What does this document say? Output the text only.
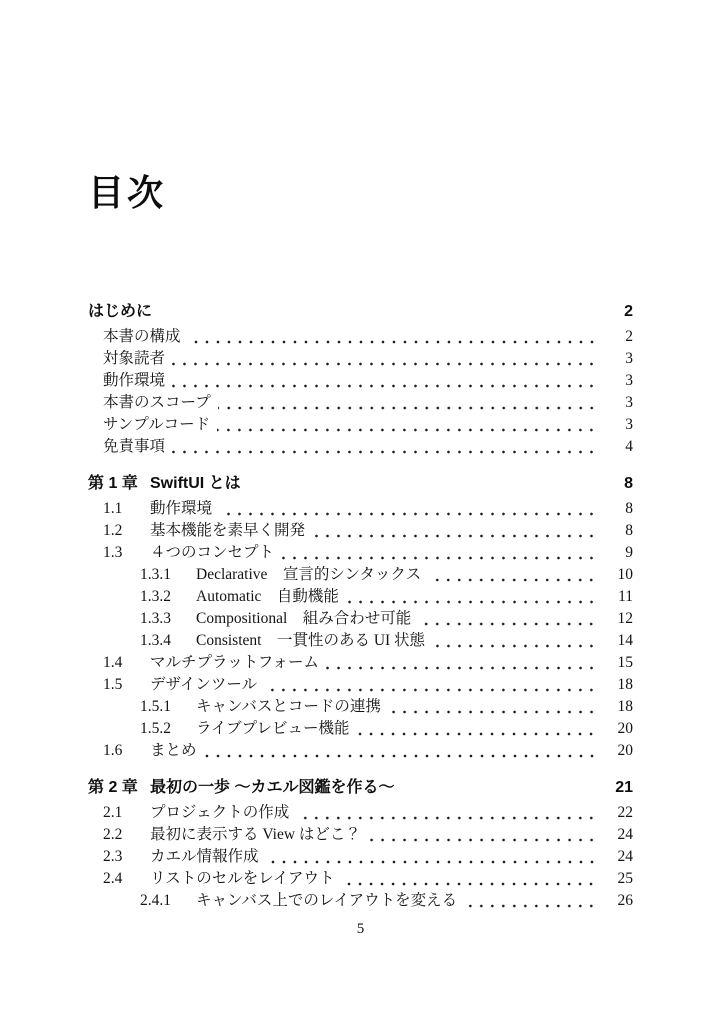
目次
はじめに	2
本書の構成	2
対象読者	3
動作環境	3
本書のスコープ	3
サンプルコード	3
免責事項	4
第 1 章 SwiftUI とは	8
1.1	動作環境	8
1.2	基本機能を素早く開発	8
1.3	４つのコンセプト	9
1.3.1	Declarative　宣言的シンタックス	10
1.3.2	Automatic　自動機能	11
1.3.3	Compositional　組み合わせ可能	12
1.3.4	Consistent　一貫性のある UI 状態	14
1.4	マルチプラットフォーム	15
1.5	デザインツール	18
1.5.1	キャンバスとコードの連携	18
1.5.2	ライブプレビュー機能	20
1.6	まとめ	20
第 2 章 最初の一歩 〜カエル図鑑を作る〜	21
2.1	プロジェクトの作成	22
2.2	最初に表示する View はどこ？	24
2.3	カエル情報作成	24
2.4	リストのセルをレイアウト	25
2.4.1	キャンバス上でのレイアウトを変える	26
5
